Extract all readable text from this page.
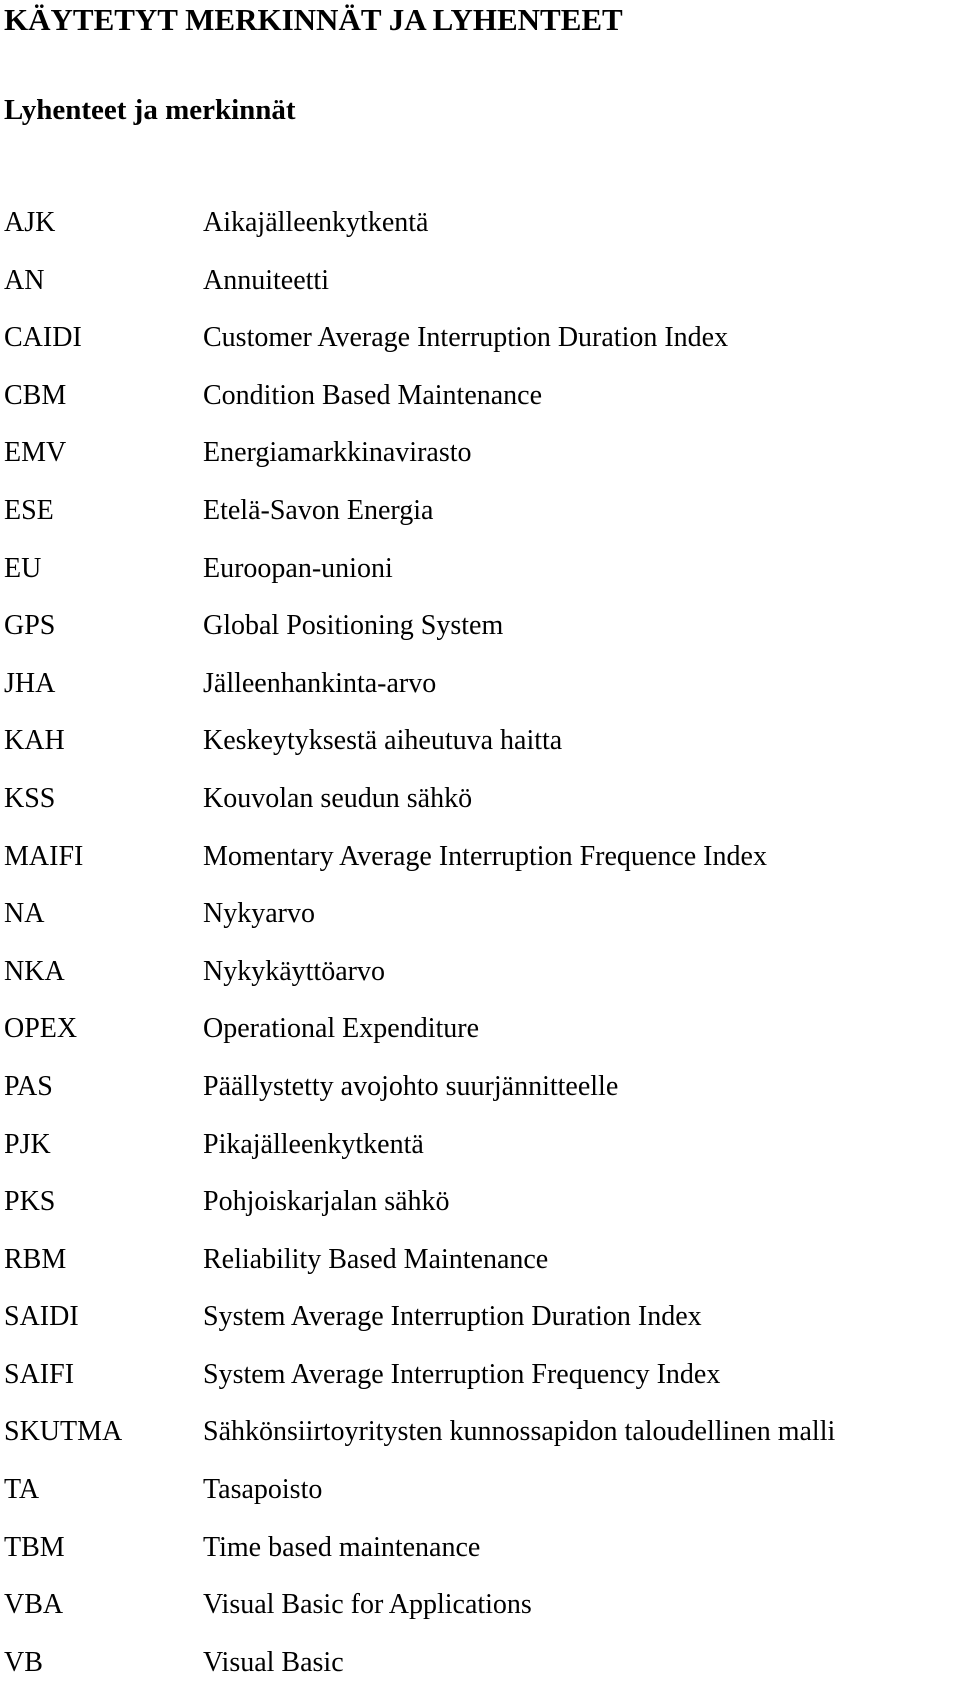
KÄYTETYT MERKINNÄT JA LYHENTEET
Lyhenteet ja merkinnät
AJK	Aikajälleenkytkentä
AN	Annuiteetti
CAIDI	Customer Average Interruption Duration Index
CBM	Condition Based Maintenance
EMV	Energiamarkkinavirasto
ESE	Etelä-Savon Energia
EU	Euroopan-unioni
GPS	Global Positioning System
JHA	Jälleenhankinta-arvo
KAH	Keskeytyksestä aiheutuva haitta
KSS	Kouvolan seudun sähkö
MAIFI	Momentary Average Interruption Frequence Index
NA	Nykyarvo
NKA	Nykykäyttöarvo
OPEX	Operational Expenditure
PAS	Päällystetty avojohto suurjännitteelle
PJK	Pikajälleenkytkentä
PKS	Pohjoiskarjalan sähkö
RBM	Reliability Based Maintenance
SAIDI	System Average Interruption Duration Index
SAIFI	System Average Interruption Frequency Index
SKUTMA	Sähkönsiirtoyritysten kunnossapidon taloudellinen malli
TA	Tasapoisto
TBM	Time based maintenance
VBA	Visual Basic for Applications
VB	Visual Basic
